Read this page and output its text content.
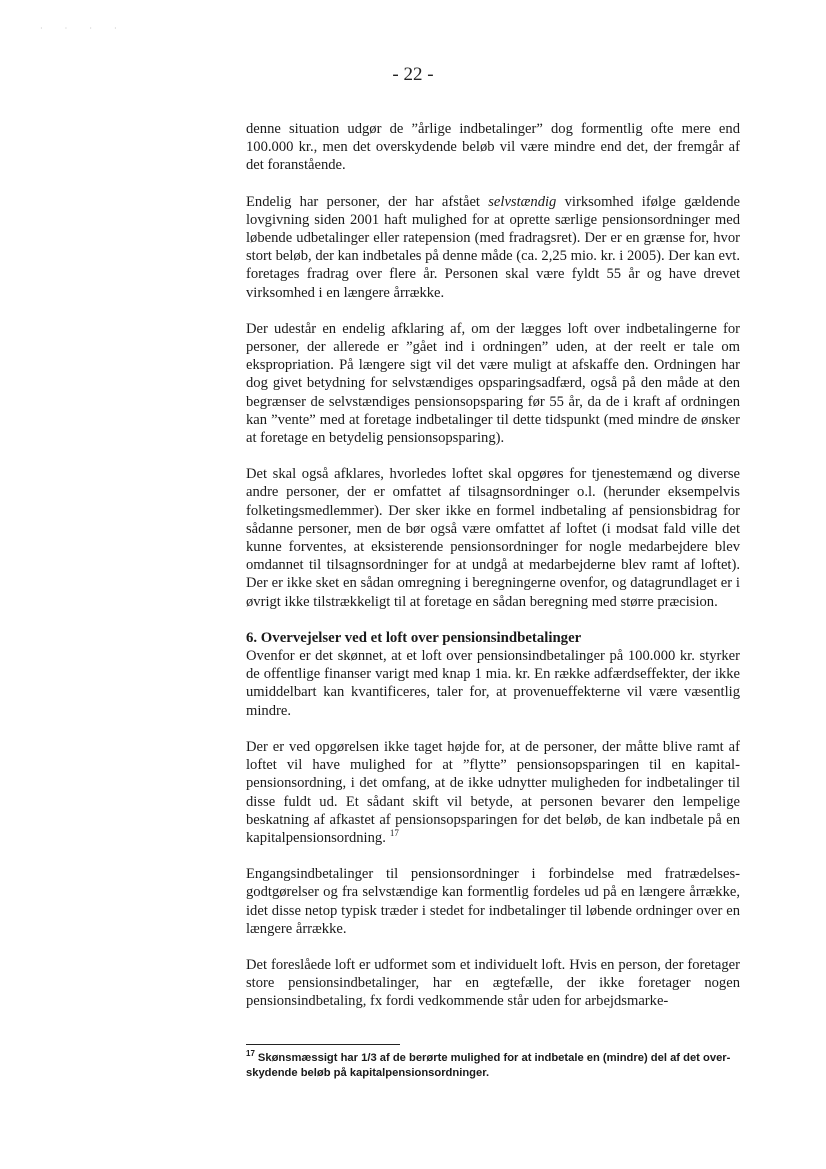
· · · ·
- 22 -

denne situation udgør de ”årlige indbetalinger” dog formentlig ofte mere end 100.000 kr., men det overskydende beløb vil være mindre end det, der fremgår af det foranstående.

Endelig har personer, der har afstået selvstændig virksomhed ifølge gældende lovgivning siden 2001 haft mulighed for at oprette særlige pensionsordninger med løbende udbetalinger eller ratepension (med fradragsret). Der er en grænse for, hvor stort beløb, der kan indbetales på denne måde (ca. 2,25 mio. kr. i 2005). Der kan evt. foretages fradrag over flere år. Personen skal være fyldt 55 år og have drevet virksomhed i en længere årrække.

Der udestår en endelig afklaring af, om der lægges loft over indbetalingerne for personer, der allerede er ”gået ind i ordningen” uden, at der reelt er tale om ekspropriation. På længere sigt vil det være muligt at afskaffe den. Ordningen har dog givet betydning for selvstændiges opsparingsadfærd, også på den måde at den begrænser de selvstændiges pensionsopsparing før 55 år, da de i kraft af ordningen kan ”vente” med at foretage indbetalinger til dette tidspunkt (med mindre de ønsker at foretage en betydelig pensionsopsparing).

Det skal også afklares, hvorledes loftet skal opgøres for tjenestemænd og diverse andre personer, der er omfattet af tilsagnsordninger o.l. (herunder eksempelvis folketingsmedlemmer). Der sker ikke en formel indbetaling af pensionsbidrag for sådanne personer, men de bør også være omfattet af loftet (i modsat fald ville det kunne forventes, at eksisterende pensionsordninger for nogle medarbejdere blev omdannet til tilsagnsordninger for at undgå at medarbejderne blev ramt af loftet). Der er ikke sket en sådan omregning i beregningerne ovenfor, og datagrundlaget er i øvrigt ikke tilstrækkeligt til at foretage en sådan beregning med større præcision.

6. Overvejelser ved et loft over pensionsindbetalinger

Ovenfor er det skønnet, at et loft over pensionsindbetalinger på 100.000 kr. styrker de offentlige finanser varigt med knap 1 mia. kr. En række adfærdseffekter, der ikke umiddelbart kan kvantificeres, taler for, at provenueffekterne vil være væsentlig mindre.

Der er ved opgørelsen ikke taget højde for, at de personer, der måtte blive ramt af loftet vil have mulighed for at ”flytte” pensionsopsparingen til en kapitalpensionsordning, i det omfang, at de ikke udnytter muligheden for indbetalinger til disse fuldt ud. Et sådant skift vil betyde, at personen bevarer den lempelige beskatning af afkastet af pensionsopsparingen for det beløb, de kan indbetale på en kapitalpensionsordning. $^{17}$

Engangsindbetalinger til pensionsordninger i forbindelse med fratrædelsesgodtgørelser og fra selvstændige kan formentlig fordeles ud på en længere årrække, idet disse netop typisk træder i stedet for indbetalinger til løbende ordninger over en længere årrække.

Det foreslåede loft er udformet som et individuelt loft. Hvis en person, der foretager store pensionsindbetalinger, har en ægtefælle, der ikke foretager nogen pensionsindbetaling, fx fordi vedkommende står uden for arbejdsmarke-

$^{17}$ Skønsmæssigt har 1/3 af de berørte mulighed for at indbetale en (mindre) del af det overskydende beløb på kapitalpensionsordninger.
